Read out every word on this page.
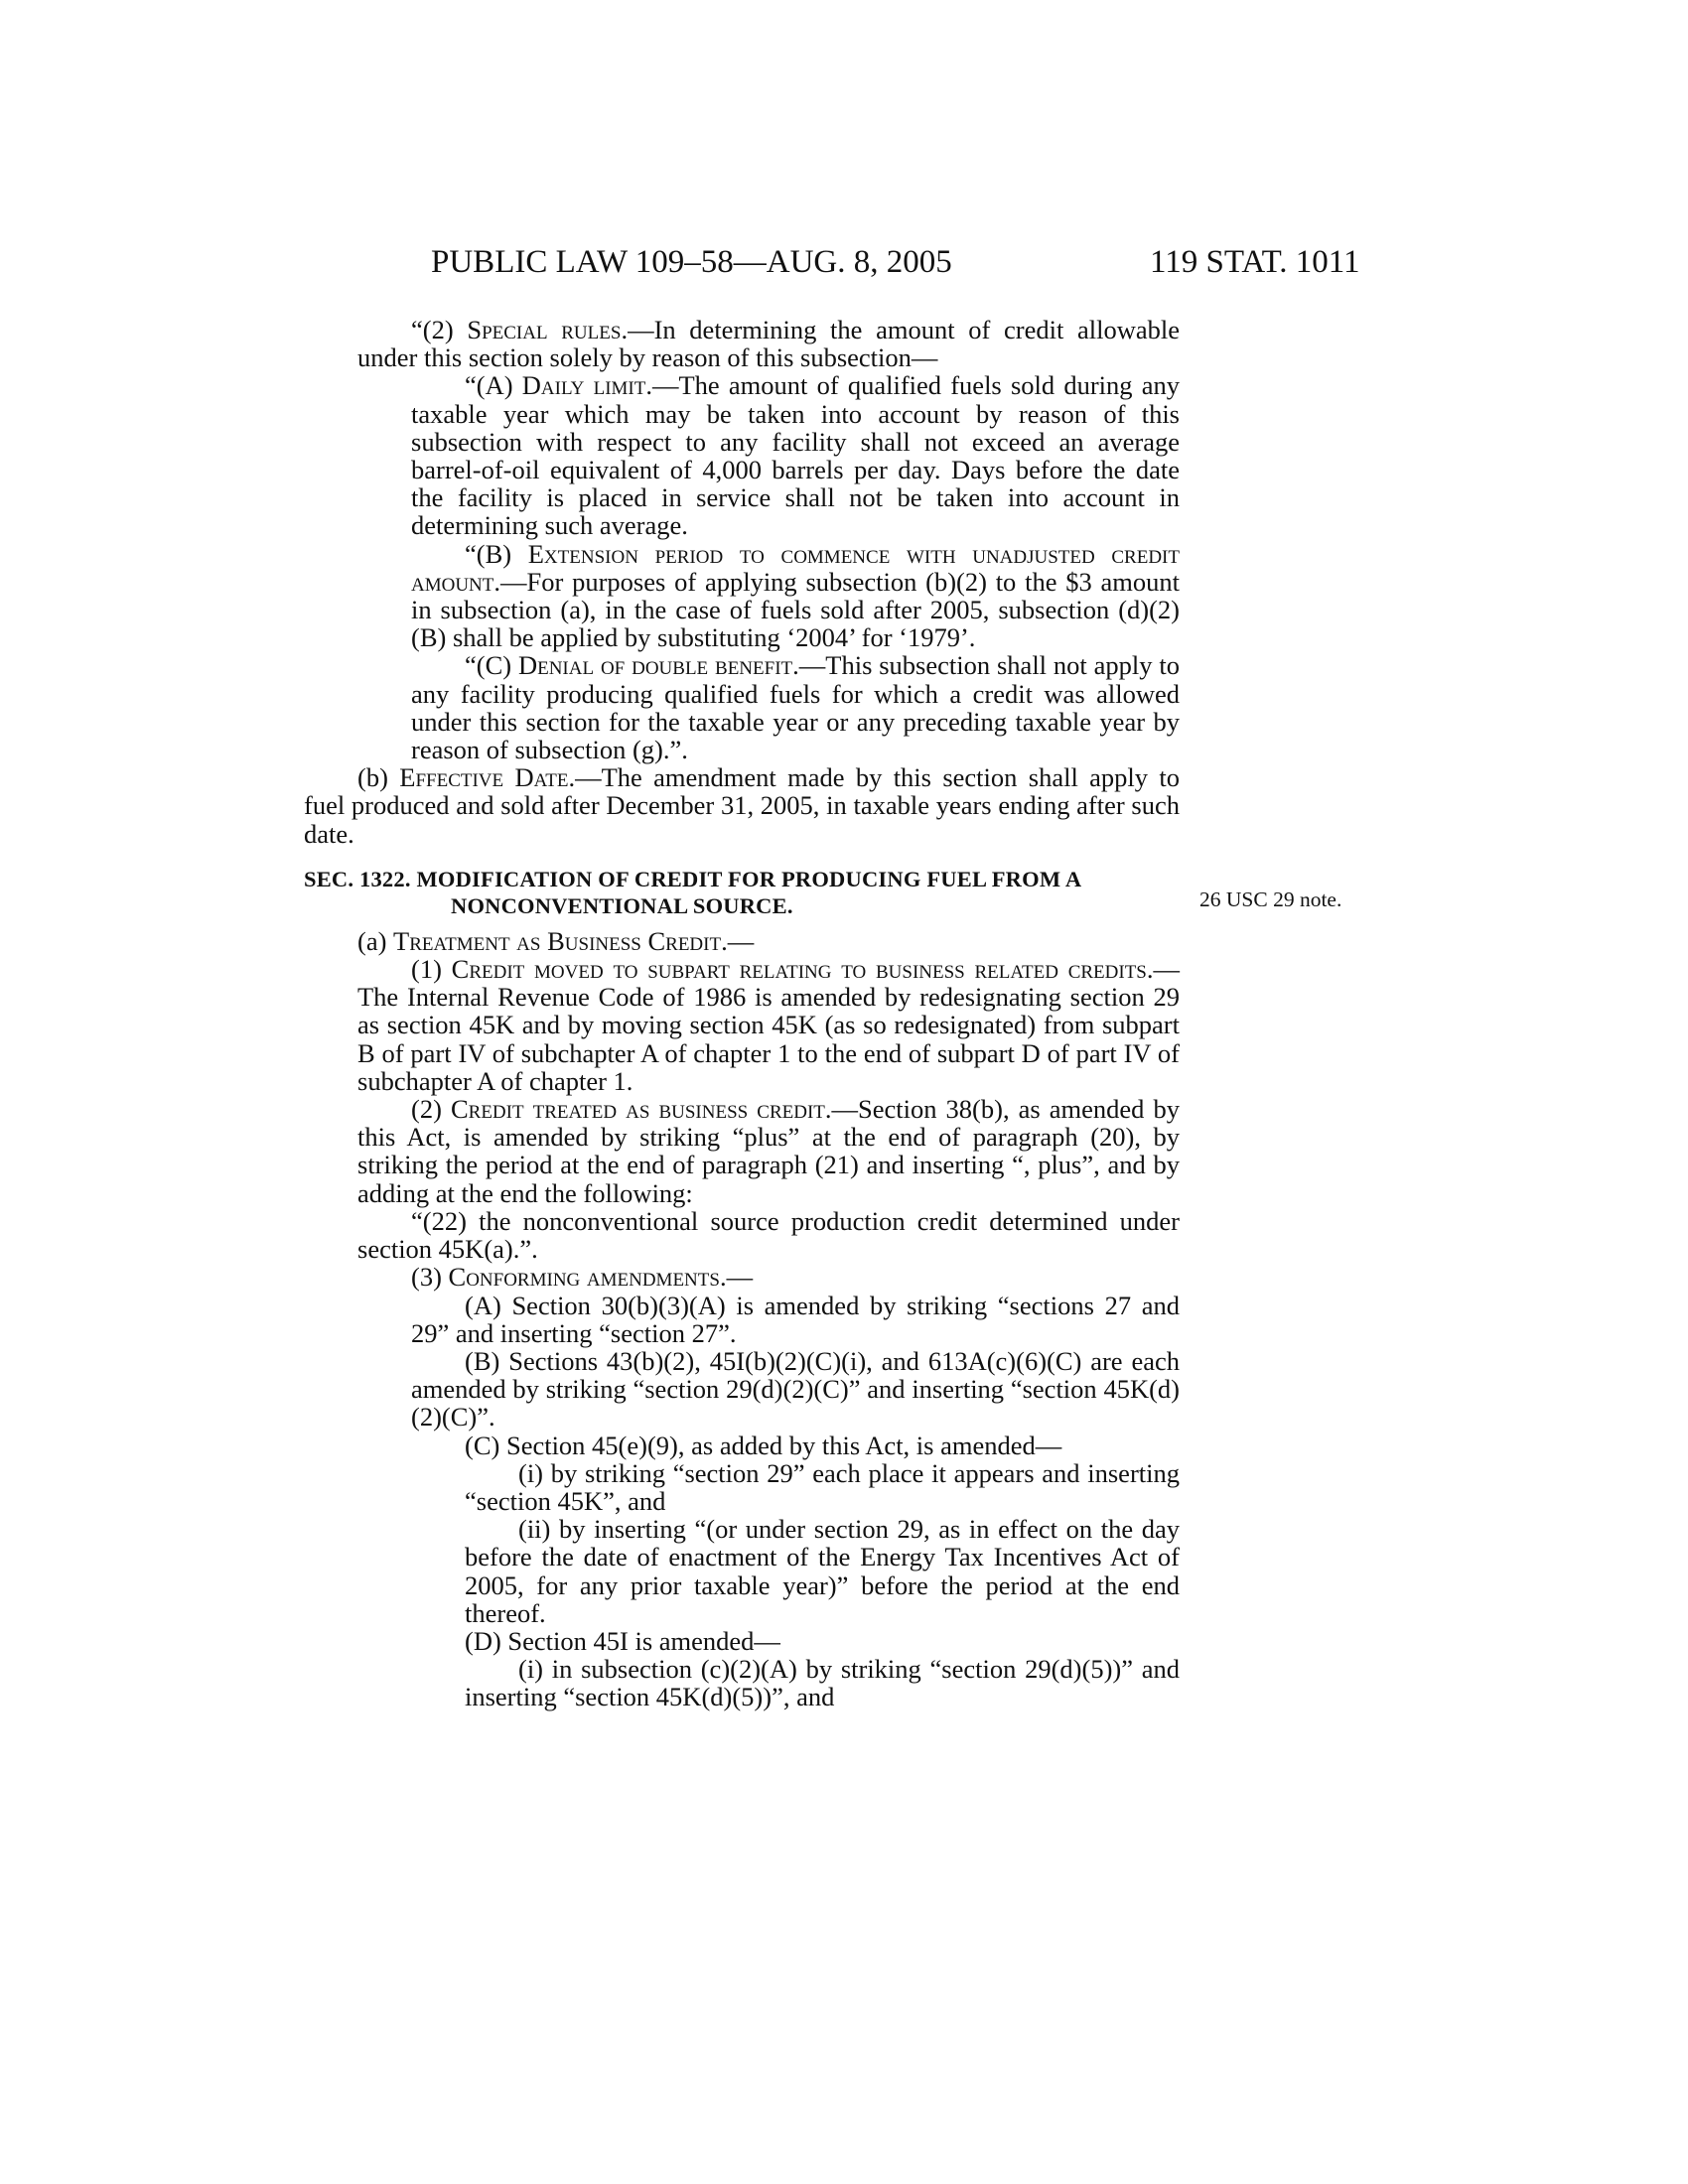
PUBLIC LAW 109–58—AUG. 8, 2005	119 STAT. 1011
26 USC 29 note.

“(2) Special rules.—In determining the amount of credit allowable under this section solely by reason of this subsection—

“(A) Daily limit.—The amount of qualified fuels sold during any taxable year which may be taken into account by reason of this subsection with respect to any facility shall not exceed an average barrel-of-oil equivalent of 4,000 barrels per day. Days before the date the facility is placed in service shall not be taken into account in determining such average.

“(B) Extension period to commence with unadjusted credit amount.—For purposes of applying subsection (b)(2) to the $3 amount in subsection (a), in the case of fuels sold after 2005, subsection (d)(2)(B) shall be applied by substituting ‘2004’ for ‘1979’.

“(C) Denial of double benefit.—This subsection shall not apply to any facility producing qualified fuels for which a credit was allowed under this section for the taxable year or any preceding taxable year by reason of subsection (g).”.

(b) Effective Date.—The amendment made by this section shall apply to fuel produced and sold after December 31, 2005, in taxable years ending after such date.

SEC. 1322. MODIFICATION OF CREDIT FOR PRODUCING FUEL FROM A NONCONVENTIONAL SOURCE.

(a) Treatment as Business Credit.—

(1) Credit moved to subpart relating to business related credits.—The Internal Revenue Code of 1986 is amended by redesignating section 29 as section 45K and by moving section 45K (as so redesignated) from subpart B of part IV of subchapter A of chapter 1 to the end of subpart D of part IV of subchapter A of chapter 1.

(2) Credit treated as business credit.—Section 38(b), as amended by this Act, is amended by striking “plus” at the end of paragraph (20), by striking the period at the end of paragraph (21) and inserting “, plus”, and by adding at the end the following:

“(22) the nonconventional source production credit determined under section 45K(a).”.

(3) Conforming amendments.—

(A) Section 30(b)(3)(A) is amended by striking “sections 27 and 29” and inserting “section 27”.

(B) Sections 43(b)(2), 45I(b)(2)(C)(i), and 613A(c)(6)(C) are each amended by striking “section 29(d)(2)(C)” and inserting “section 45K(d)(2)(C)”.

(C) Section 45(e)(9), as added by this Act, is amended—

(i) by striking “section 29” each place it appears and inserting “section 45K”, and

(ii) by inserting “(or under section 29, as in effect on the day before the date of enactment of the Energy Tax Incentives Act of 2005, for any prior taxable year)” before the period at the end thereof.

(D) Section 45I is amended—

(i) in subsection (c)(2)(A) by striking “section 29(d)(5))” and inserting “section 45K(d)(5))”, and
